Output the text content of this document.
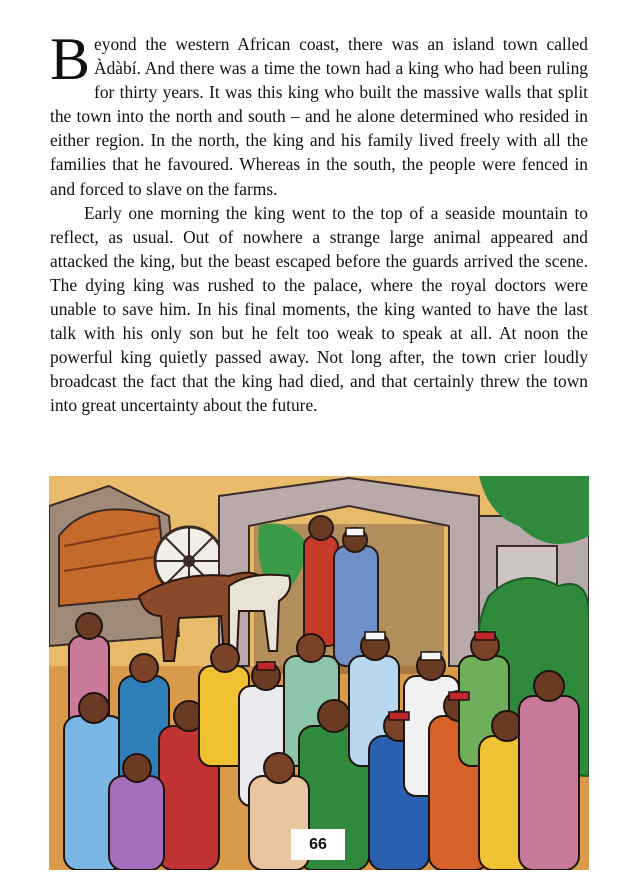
Beyond the western African coast, there was an island town called Àdàbí. And there was a time the town had a king who had been ruling for thirty years. It was this king who built the massive walls that split the town into the north and south – and he alone determined who resided in either region. In the north, the king and his family lived freely with all the families that he favoured. Whereas in the south, the people were fenced in and forced to slave on the farms.

Early one morning the king went to the top of a seaside mountain to reflect, as usual. Out of nowhere a strange large animal appeared and attacked the king, but the beast escaped before the guards arrived the scene. The dying king was rushed to the palace, where the royal doctors were unable to save him. In his final moments, the king wanted to have the last talk with his only son but he felt too weak to speak at all. At noon the powerful king quietly passed away. Not long after, the town crier loudly broadcast the fact that the king had died, and that certainly threw the town into great uncertainty about the future.

66
